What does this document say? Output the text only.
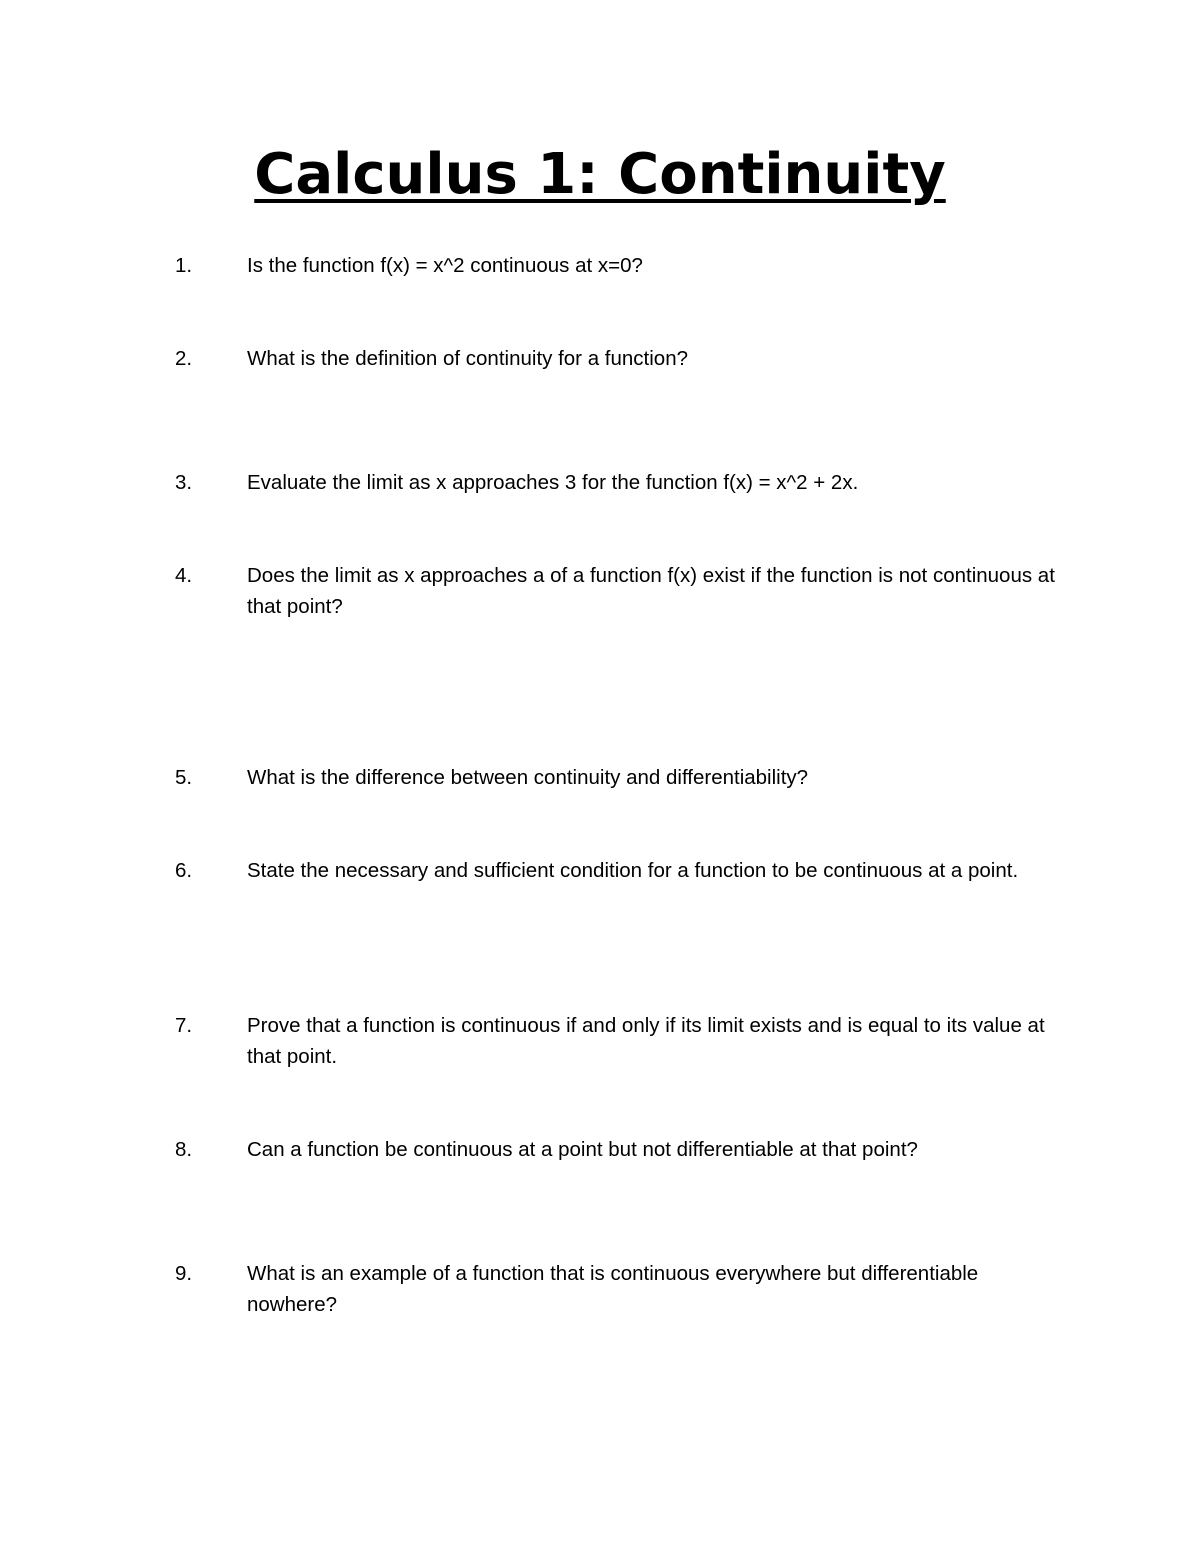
Calculus 1: Continuity
1.	Is the function f(x) = x^2 continuous at x=0?
2.	What is the definition of continuity for a function?
3.	Evaluate the limit as x approaches 3 for the function f(x) = x^2 + 2x.
4.	Does the limit as x approaches a of a function f(x) exist if the function is not continuous at that point?
5.	What is the difference between continuity and differentiability?
6.	State the necessary and sufficient condition for a function to be continuous at a point.
7.	Prove that a function is continuous if and only if its limit exists and is equal to its value at that point.
8.	Can a function be continuous at a point but not differentiable at that point?
9.	What is an example of a function that is continuous everywhere but differentiable nowhere?
